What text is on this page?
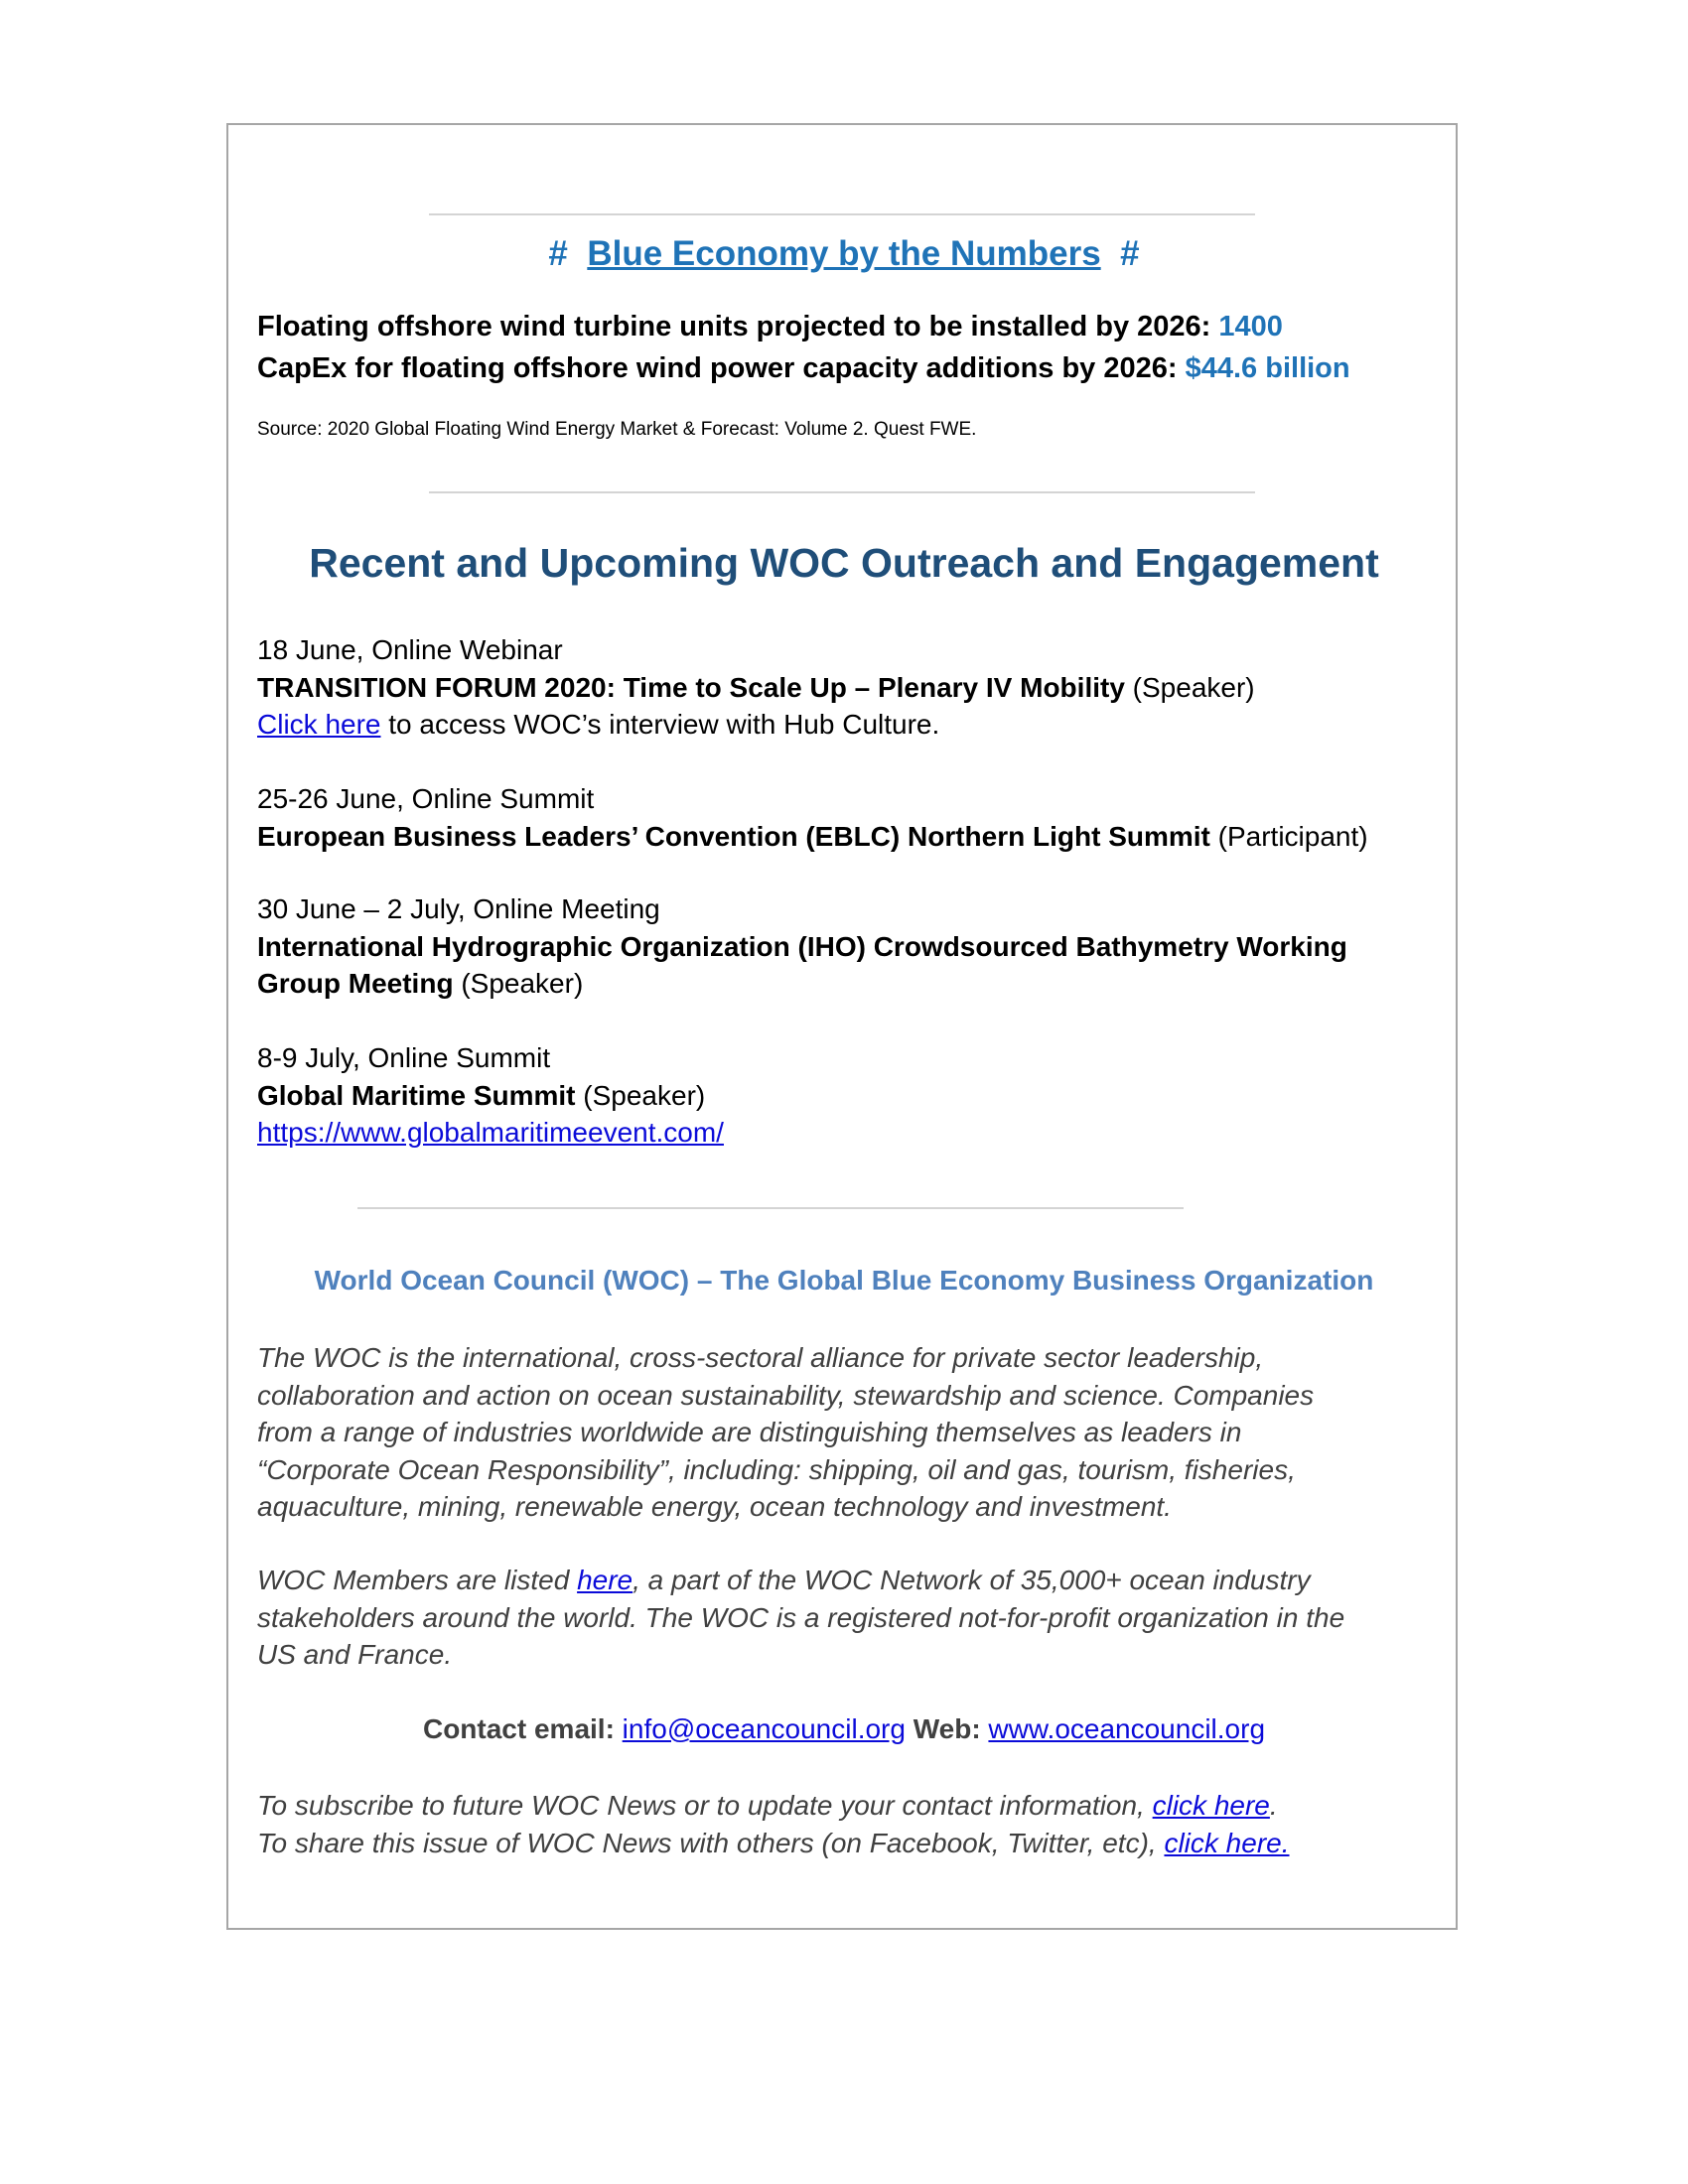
# Blue Economy by the Numbers #
Floating offshore wind turbine units projected to be installed by 2026: 1400
CapEx for floating offshore wind power capacity additions by 2026: $44.6 billion
Source: 2020 Global Floating Wind Energy Market & Forecast: Volume 2. Quest FWE.
Recent and Upcoming WOC Outreach and Engagement
18 June, Online Webinar
TRANSITION FORUM 2020: Time to Scale Up – Plenary IV Mobility (Speaker)
Click here to access WOC’s interview with Hub Culture.
25-26 June, Online Summit
European Business Leaders’ Convention (EBLC) Northern Light Summit (Participant)
30 June – 2 July, Online Meeting
International Hydrographic Organization (IHO) Crowdsourced Bathymetry Working
Group Meeting (Speaker)
8-9 July, Online Summit
Global Maritime Summit (Speaker)
https://www.globalmaritimeevent.com/
World Ocean Council (WOC) – The Global Blue Economy Business Organization
The WOC is the international, cross-sectoral alliance for private sector leadership,
collaboration and action on ocean sustainability, stewardship and science. Companies
from a range of industries worldwide are distinguishing themselves as leaders in
“Corporate Ocean Responsibility”, including: shipping, oil and gas, tourism, fisheries,
aquaculture, mining, renewable energy, ocean technology and investment.
WOC Members are listed here, a part of the WOC Network of 35,000+ ocean industry
stakeholders around the world. The WOC is a registered not-for-profit organization in the
US and France.
Contact email: info@oceancouncil.org Web: www.oceancouncil.org
To subscribe to future WOC News or to update your contact information, click here.
To share this issue of WOC News with others (on Facebook, Twitter, etc), click here.
